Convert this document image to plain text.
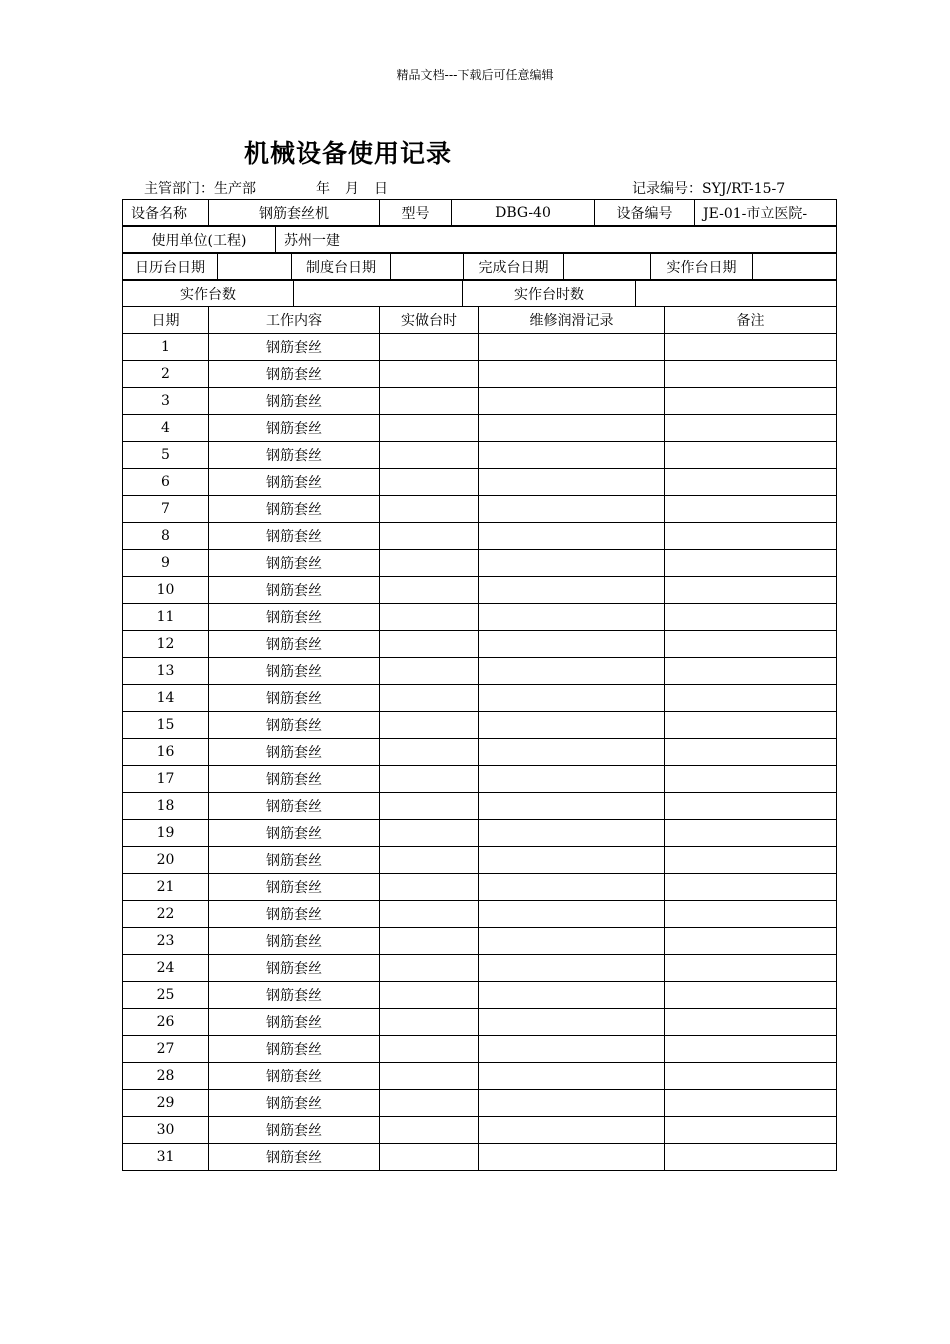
精品文档---下载后可任意编辑
机械设备使用记录
主管部门：生产部	年 月 日	记录编号：SYJ/RT-15-7
设备名称	钢筋套丝机	型号	DBG-40	设备编号	JE-01-市立医院-
使用单位(工程)	苏州一建
日历台日期		制度台日期		完成台日期		实作台日期	
实作台数		实作台时数	
日期	工作内容	实做台时	维修润滑记录	备注
1	钢筋套丝			
2	钢筋套丝			
3	钢筋套丝			
4	钢筋套丝			
5	钢筋套丝			
6	钢筋套丝			
7	钢筋套丝			
8	钢筋套丝			
9	钢筋套丝			
10	钢筋套丝			
11	钢筋套丝			
12	钢筋套丝			
13	钢筋套丝			
14	钢筋套丝			
15	钢筋套丝			
16	钢筋套丝			
17	钢筋套丝			
18	钢筋套丝			
19	钢筋套丝			
20	钢筋套丝			
21	钢筋套丝			
22	钢筋套丝			
23	钢筋套丝			
24	钢筋套丝			
25	钢筋套丝			
26	钢筋套丝			
27	钢筋套丝			
28	钢筋套丝			
29	钢筋套丝			
30	钢筋套丝			
31	钢筋套丝			
